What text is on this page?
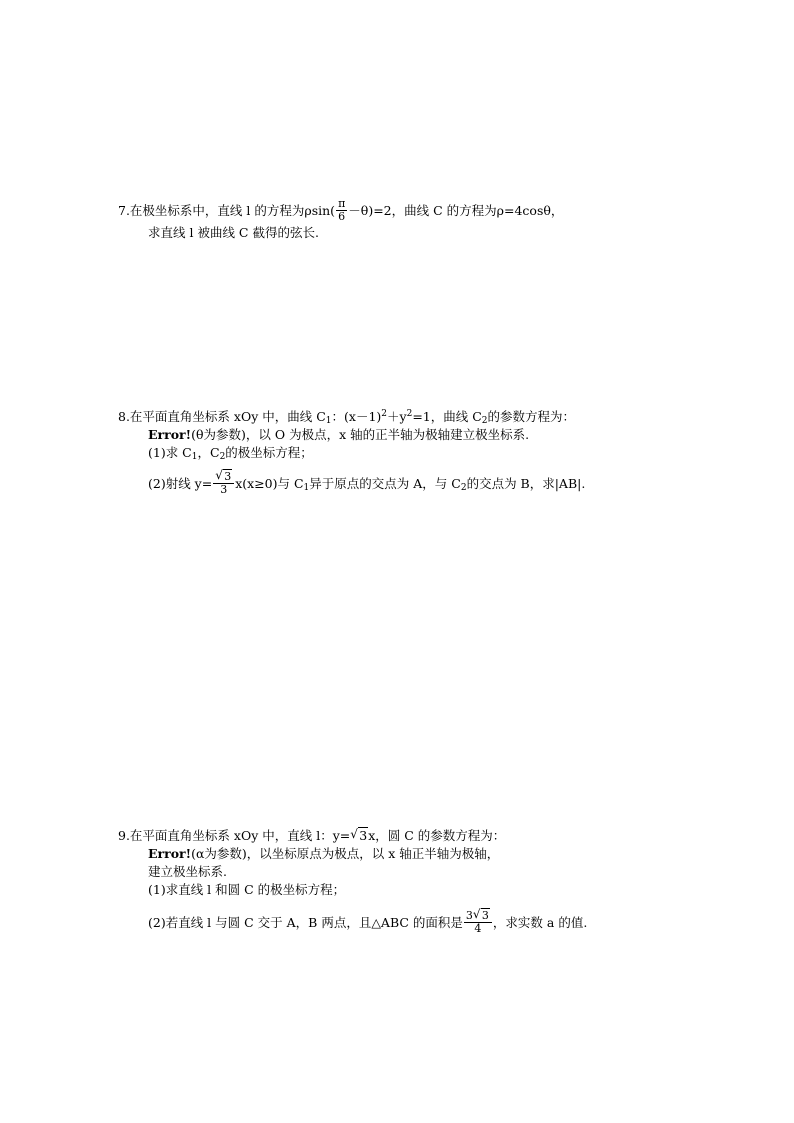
7.在极坐标系中，直线 l 的方程为$\rho\sin( \frac{\pi}{6} -\theta)=2$，曲线 C 的方程为ρ=4cosθ，
求直线 l 被曲线 C 截得的弦长.
8.在平面直角坐标系 xOy 中，曲线 $C_1$：$(x-1)^2+y^2=1$，曲线 $C_2$的参数方程为：
Error!(θ为参数)，以 O 为极点，x 轴的正半轴为极轴建立极坐标系.
(1)求 $C_1$，$C_2$的极坐标方程；
(2)射线 $y= \frac{√ 3}{3} x(x\ge 0)$与 $C_1$异于原点的交点为 A，与 $C_2$的交点为 B，求|AB|.
9.在平面直角坐标系 xOy 中，直线 l：y= √ 3x，圆 C 的参数方程为：
Error!(α为参数)，以坐标原点为极点，以 x 轴正半轴为极轴，
建立极坐标系.
(1)求直线 l 和圆 C 的极坐标方程；
(2)若直线 l 与圆 C 交于 A，B 两点，且△ABC 的面积是 $\frac{3 √ 3}{4}$ ，求实数 a 的值.
